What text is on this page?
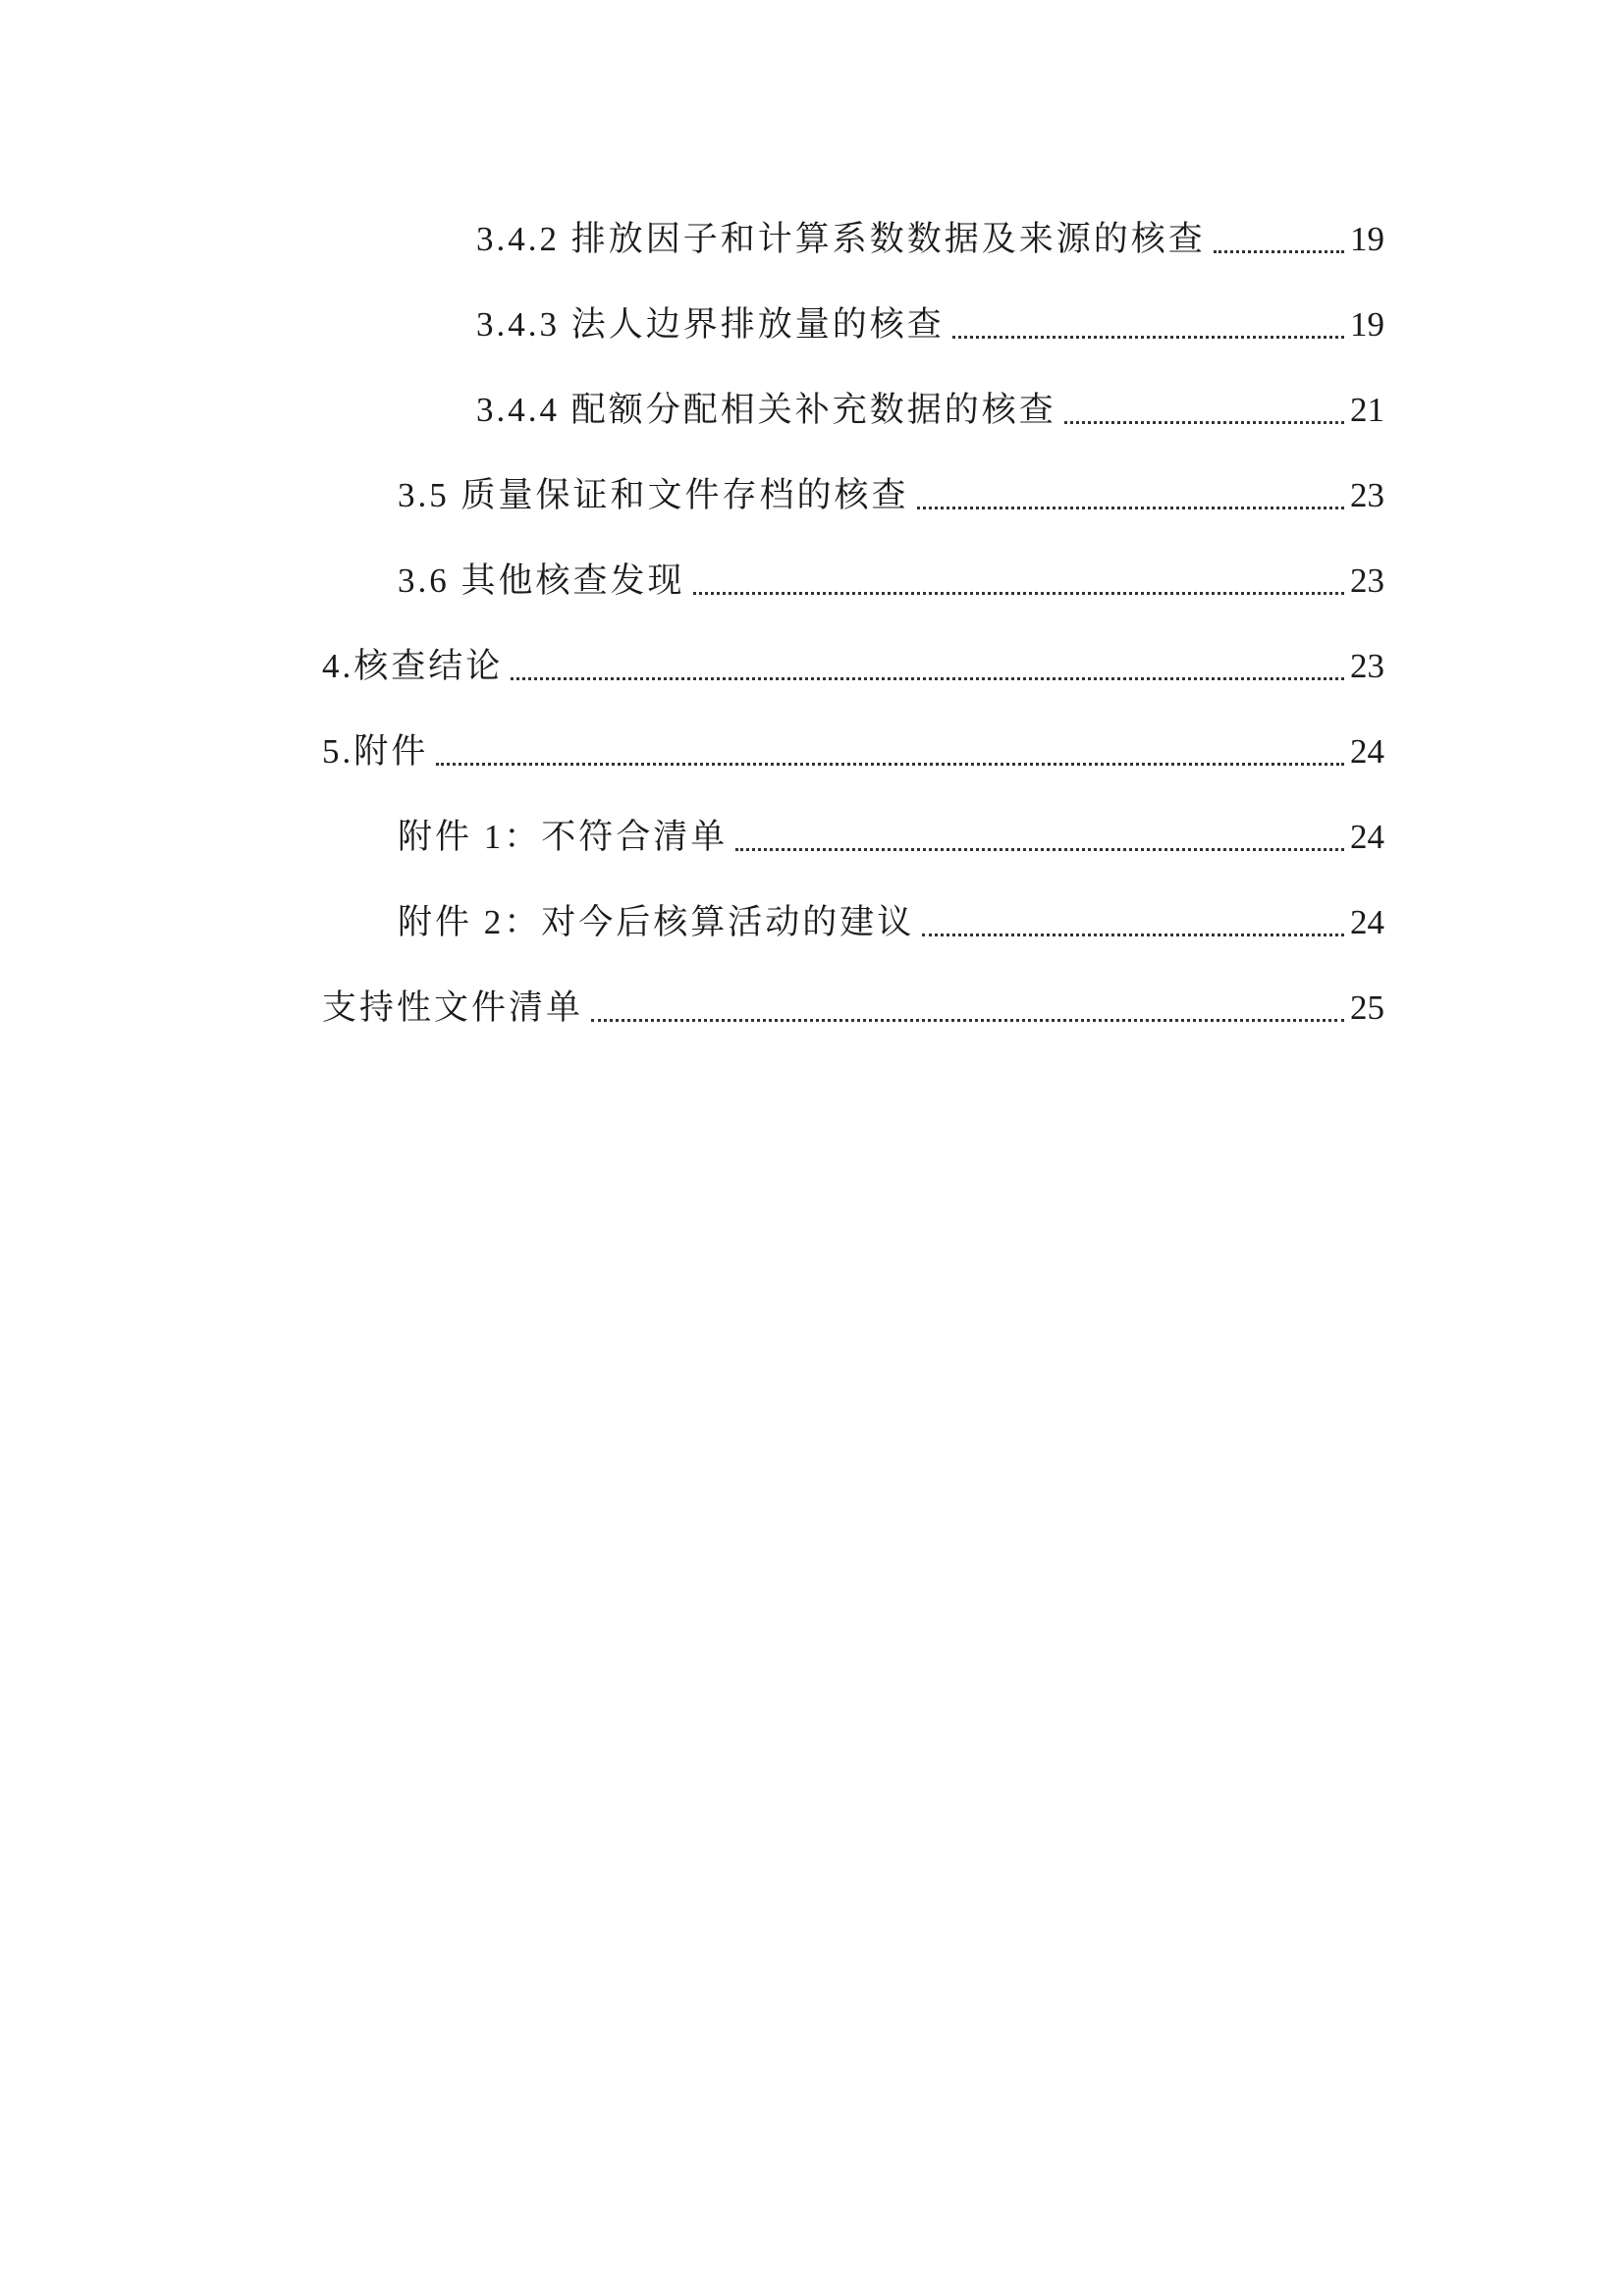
3.4.2 排放因子和计算系数数据及来源的核查	19
3.4.3 法人边界排放量的核查	19
3.4.4 配额分配相关补充数据的核查	21
3.5 质量保证和文件存档的核查	23
3.6 其他核查发现	23
4.核查结论	23
5.附件	24
附件 1：不符合清单	24
附件 2：对今后核算活动的建议	24
支持性文件清单	25
